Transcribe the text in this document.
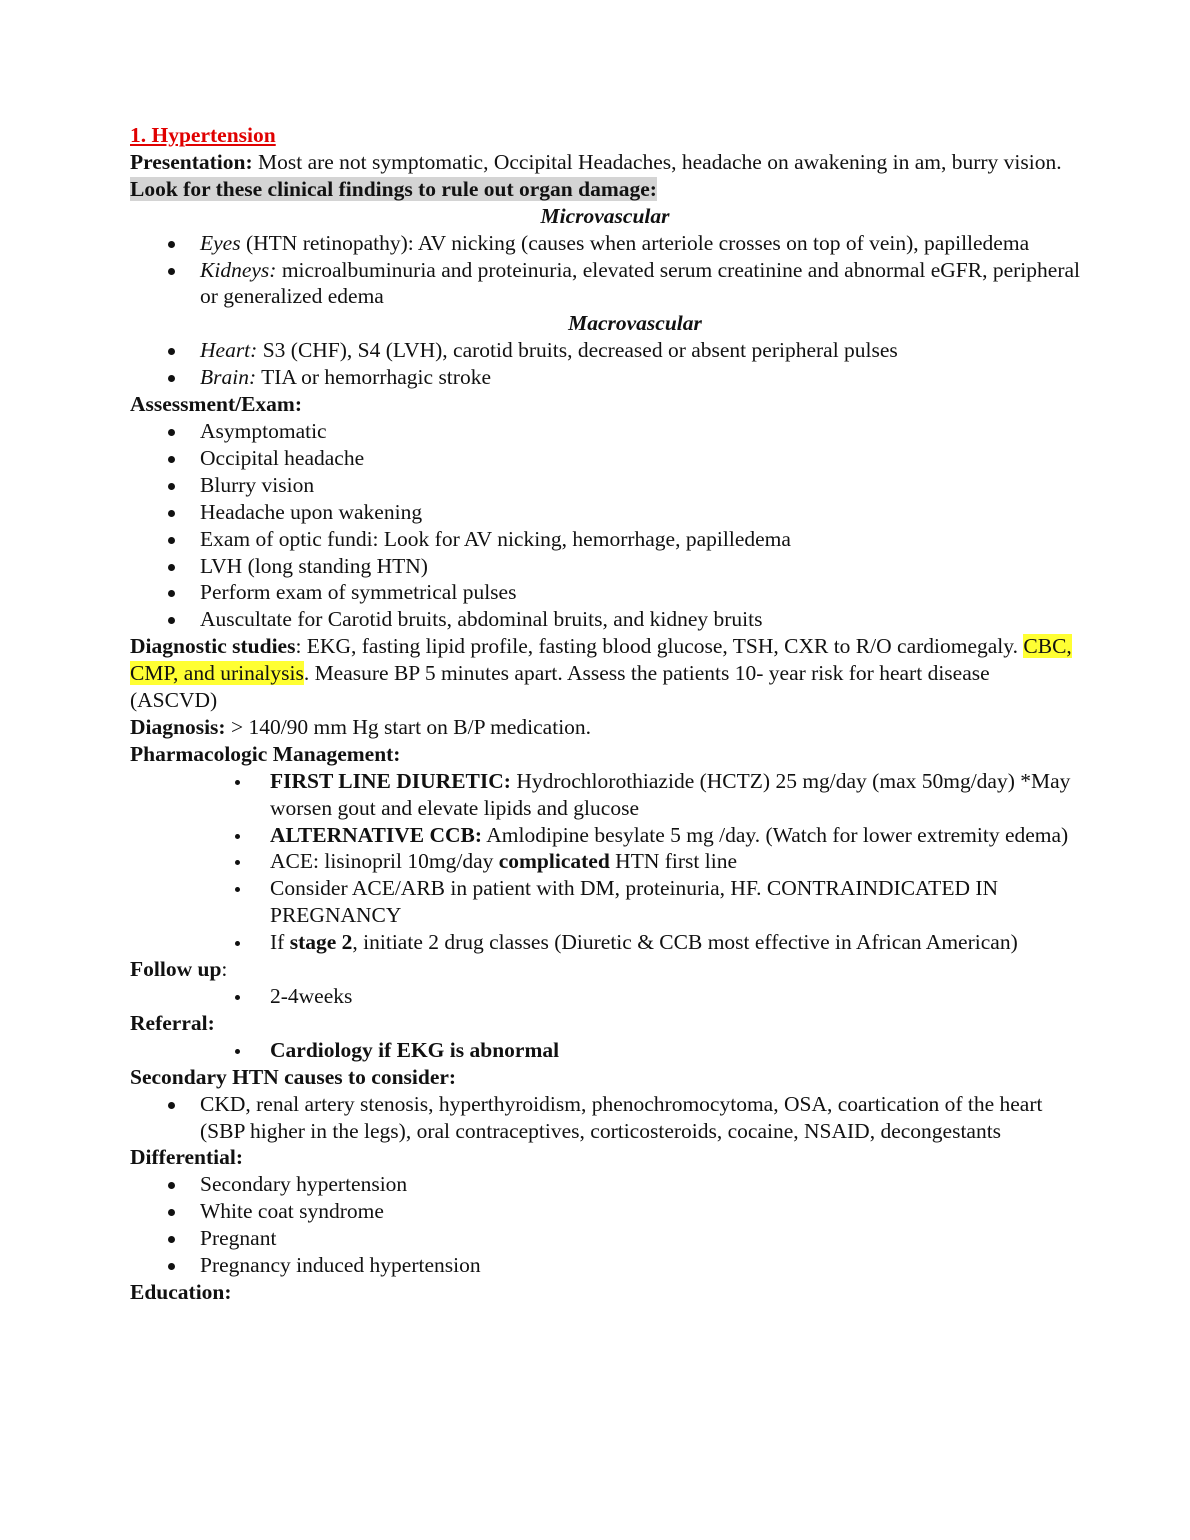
1. Hypertension

Presentation: Most are not symptomatic, Occipital Headaches, headache on awakening in am, burry vision.

Look for these clinical findings to rule out organ damage:

Microvascular

Eyes (HTN retinopathy): AV nicking (causes when arteriole crosses on top of vein), papilledema
Kidneys: microalbuminuria and proteinuria, elevated serum creatinine and abnormal eGFR, peripheral or generalized edema

Macrovascular

Heart: S3 (CHF), S4 (LVH), carotid bruits, decreased or absent peripheral pulses
Brain: TIA or hemorrhagic stroke

Assessment/Exam:

Asymptomatic
Occipital headache
Blurry vision
Headache upon wakening
Exam of optic fundi: Look for AV nicking, hemorrhage, papilledema
LVH (long standing HTN)
Perform exam of symmetrical pulses
Auscultate for Carotid bruits, abdominal bruits, and kidney bruits

Diagnostic studies: EKG, fasting lipid profile, fasting blood glucose, TSH, CXR to R/O cardiomegaly. CBC, CMP, and urinalysis. Measure BP 5 minutes apart. Assess the patients 10- year risk for heart disease (ASCVD)

Diagnosis: > 140/90 mm Hg start on B/P medication.

Pharmacologic Management:

FIRST LINE DIURETIC: Hydrochlorothiazide (HCTZ) 25 mg/day (max 50mg/day) *May worsen gout and elevate lipids and glucose
ALTERNATIVE CCB: Amlodipine besylate 5 mg /day. (Watch for lower extremity edema)
ACE: lisinopril 10mg/day complicated HTN first line
Consider ACE/ARB in patient with DM, proteinuria, HF. CONTRAINDICATED IN PREGNANCY
If stage 2, initiate 2 drug classes (Diuretic & CCB most effective in African American)

Follow up:

2-4weeks

Referral:

Cardiology if EKG is abnormal

Secondary HTN causes to consider:

CKD, renal artery stenosis, hyperthyroidism, phenochromocytoma, OSA, coartication of the heart (SBP higher in the legs), oral contraceptives, corticosteroids, cocaine, NSAID, decongestants

Differential:

Secondary hypertension
White coat syndrome
Pregnant
Pregnancy induced hypertension

Education:
